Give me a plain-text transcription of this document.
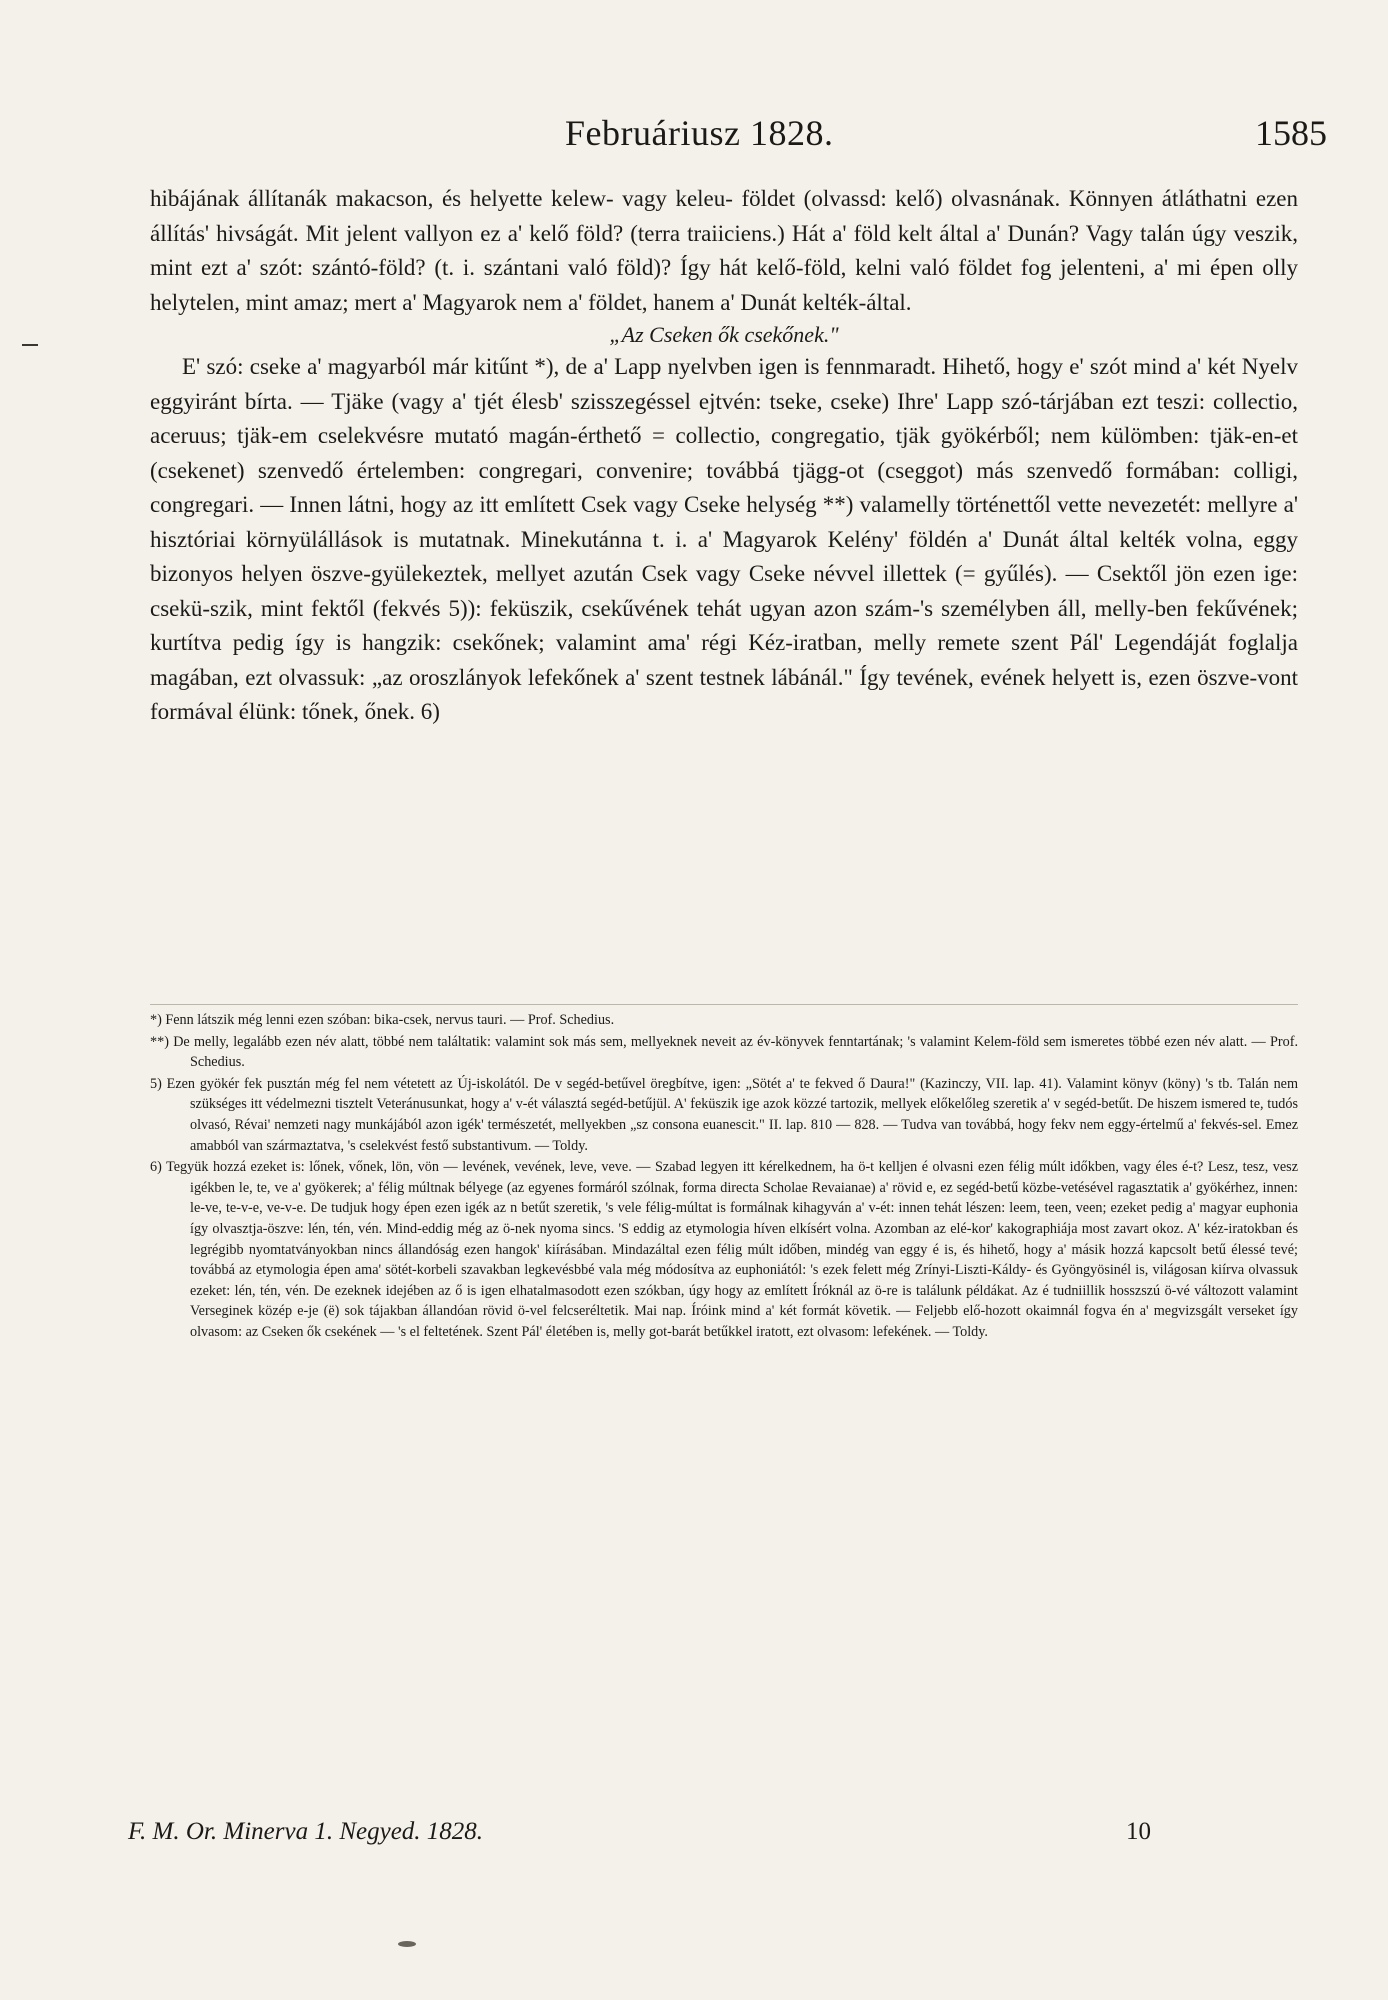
Februáriusz 1828.	1585

hibájának állítanák makacson, és helyette kelew- vagy keleu- földet (olvassd: kelő) olvasnának. Könnyen átláthatni ezen állítás' hivságát. Mit jelent vallyon ez a' kelő föld? (terra traiiciens.) Hát a' föld kelt által a' Dunán? Vagy talán úgy veszik, mint ezt a' szót: szántó-föld? (t. i. szántani való föld)? Így hát kelő-föld, kelni való földet fog jelenteni, a' mi épen olly helytelen, mint amaz; mert a' Magyarok nem a' földet, hanem a' Dunát kelték-által.

„Az Cseken ők csekőnek."

E' szó: cseke a' magyarból már kitűnt *), de a' Lapp nyelvben igen is fennmaradt. Hihető, hogy e' szót mind a' két Nyelv eggyiránt bírta. — Tjäke (vagy a' tjét élesb' szisszegéssel ejtvén: tseke, cseke) Ihre' Lapp szó-tárjában ezt teszi: collectio, aceruus; tjäk-em cselekvésre mutató magán-érthető = collectio, congregatio, tjäk gyökérből; nem külömben: tjäk-en-et (csekenet) szenvedő értelemben: congregari, convenire; továbbá tjägg-ot (cseggot) más szenvedő formában: colligi, congregari. — Innen látni, hogy az itt említett Csek vagy Cseke helység **) valamelly történettől vette nevezetét: mellyre a' hisztóriai környülállások is mutatnak. Minekutánna t. i. a' Magyarok Kelény' földén a' Dunát által kelték volna, eggy bizonyos helyen öszve-gyülekeztek, mellyet azután Csek vagy Cseke névvel illettek (= gyűlés). — Csektől jön ezen ige: csekü-szik, mint fektől (fekvés 5)): feküszik, csekűvének tehát ugyan azon szám-'s személyben áll, melly-ben fekűvének; kurtítva pedig így is hangzik: csekőnek; valamint ama' régi Kéz-iratban, melly remete szent Pál' Legendáját foglalja magában, ezt olvassuk: „az oroszlányok lefekőnek a' szent testnek lábánál." Így tevének, evének helyett is, ezen öszve-vont formával élünk: tőnek, őnek. 6)

*) Fenn látszik még lenni ezen szóban: bika-csek, nervus tauri. — Prof. Schedius.

**) De melly, legalább ezen név alatt, többé nem találtatik: valamint sok más sem, mellyeknek neveit az év-könyvek fenntartának; 's valamint Kelem-föld sem ismeretes többé ezen név alatt. — Prof. Schedius.

5) Ezen gyökér fek pusztán még fel nem vétetett az Új-iskolától. De v segéd-betűvel öregbítve, igen: „Sötét a' te fekved ő Daura!" (Kazinczy, VII. lap. 41). Valamint könyv (köny) 's tb. Talán nem szükséges itt védelmezni tisztelt Veteránusunkat, hogy a' v-ét választá segéd-betűjül. A' feküszik ige azok közzé tartozik, mellyek előkelőleg szeretik a' v segéd-betűt. De hiszem ismered te, tudós olvasó, Révai' nemzeti nagy munkájából azon igék' természetét, mellyekben „sz consona euanescit." II. lap. 810 — 828. — Tudva van továbbá, hogy fekv nem eggy-értelmű a' fekvés-sel. Emez amabból van származtatva, 's cselekvést festő substantivum. — Toldy.

6) Tegyük hozzá ezeket is: lőnek, vőnek, lön, vön — levének, vevének, leve, veve. — Szabad legyen itt kérelkednem, ha ö-t kelljen é olvasni ezen félig múlt időkben, vagy éles é-t? Lesz, tesz, vesz igékben le, te, ve a' gyökerek; a' félig múltnak bélyege (az egyenes formáról szólnak, forma directa Scholae Revaianae) a' rövid e, ez segéd-betű közbe-vetésével ragasztatik a' gyökérhez, innen: le-ve, te-v-e, ve-v-e. De tudjuk hogy épen ezen igék az n betűt szeretik, 's vele félig-múltat is formálnak kihagyván a' v-ét: innen tehát lészen: leem, teen, veen; ezeket pedig a' magyar euphonia így olvasztja-öszve: lén, tén, vén. Mind-eddig még az ö-nek nyoma sincs. 'S eddig az etymologia híven elkísért volna. Azomban az elé-kor' kakographiája most zavart okoz. A' kéz-iratokban és legrégibb nyomtatványokban nincs állandóság ezen hangok' kiírásában. Mindazáltal ezen félig múlt időben, mindég van eggy é is, és hihető, hogy a' másik hozzá kapcsolt betű élessé tevé; továbbá az etymologia épen ama' sötét-korbeli szavakban legkevésbbé vala még módosítva az euphoniától: 's ezek felett még Zrínyi-Liszti-Káldy- és Gyöngyösinél is, világosan kiírva olvassuk ezeket: lén, tén, vén. De ezeknek idejében az ő is igen elhatalmasodott ezen szókban, úgy hogy az említett Íróknál az ö-re is találunk példákat. Az é tudniillik hosszszú ö-vé változott valamint Verseginek közép e-je (ë) sok tájakban állandóan rövid ö-vel felcseréltetik. Mai nap. Íróink mind a' két formát követik. — Feljebb elő-hozott okaimnál fogva én a' megvizsgált verseket így olvasom: az Cseken ők csekének — 's el feltetének. Szent Pál' életében is, melly got-barát betűkkel iratott, ezt olvasom: lefekének. — Toldy.

F. M. Or. Minerva 1. Negyed. 1828.	10
